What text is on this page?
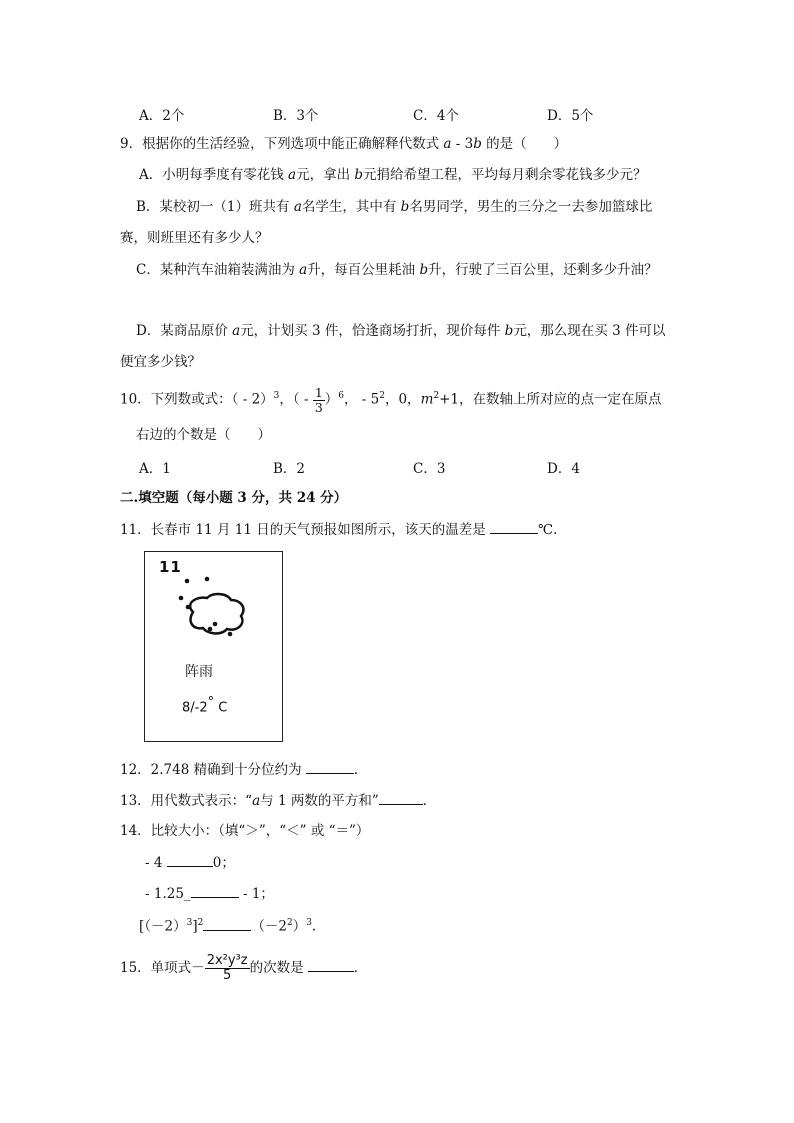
A．2个	B．3个	C．4个	D．5个
9．根据你的生活经验，下列选项中能正确解释代数式 a - 3b 的是（　　）
A．小明每季度有零花钱 a元，拿出 b元捐给希望工程，平均每月剩余零花钱多少元？
B．某校初一（1）班共有 a名学生，其中有 b名男同学，男生的三分之一去参加篮球比
赛，则班里还有多少人？
C．某种汽车油箱装满油为 a升，每百公里耗油 b升，行驶了三百公里，还剩多少升油？
D．某商品原价 a元，计划买 3 件，恰逢商场打折，现价每件 b元，那么现在买 3 件可以
便宜多少钱？
10．下列数或式：（ - 2）$^3$，（ - $\frac{1}{3} )^6$， - $5^2$，0，$m^2+1$，在数轴上所对应的点一定在原点
右边的个数是（　　）
A．1	B．2	C．3	D．4
二.填空题（每小题 3 分，共 24 分）
11．长春市 11 月 11 日的天气预报如图所示，该天的温差是	℃．
11
阵雨
8/-2° C
12．2.748 精确到十分位约为	．
13．用代数式表示：“a与 1 两数的平方和”	．
14．比较大小：（填“＞”，“＜” 或 “＝”）
- 4	0；
- 1.25_	- 1；
$[(-2)^3]^2$	$(-2^2)^3$.
15．单项式－ $\frac{\text{2x²y³z}}{5}$ 的次数是	．
